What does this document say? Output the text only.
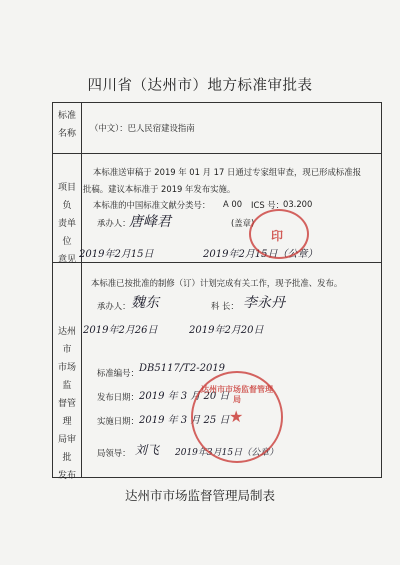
四川省（达州市）地方标准审批表
标准
名称
（中文）：巴人民宿建设指南
项目负
责单位
意见
本标准送审稿于 2019 年 01 月 17 日通过专家组审查，现已形成标准报
批稿。建议本标准于 2019 年发布实施。
本标准的中国标准文献分类号： A 00 ICS 号：
03.200
承办人：
唐峰君	(盖章)
2019年2月15日	2019年2月15日（公章）
印
达州市
市场监
督管理
局审批
发布
本标准已按批准的制修（订）计划完成有关工作，现予批准、发布。
承办人： 魏东	科 长： 李永丹
2019年2月26日	2019年2月20日
标准编号： DB5117/T2-2019
发布日期： 2019 年 3 月 20 日
实施日期： 2019 年 3 月 25 日
局领导： 刘飞 2019年3月15日（公章）
达州市市场监督管理局
★
达州市市场监督管理局制表
